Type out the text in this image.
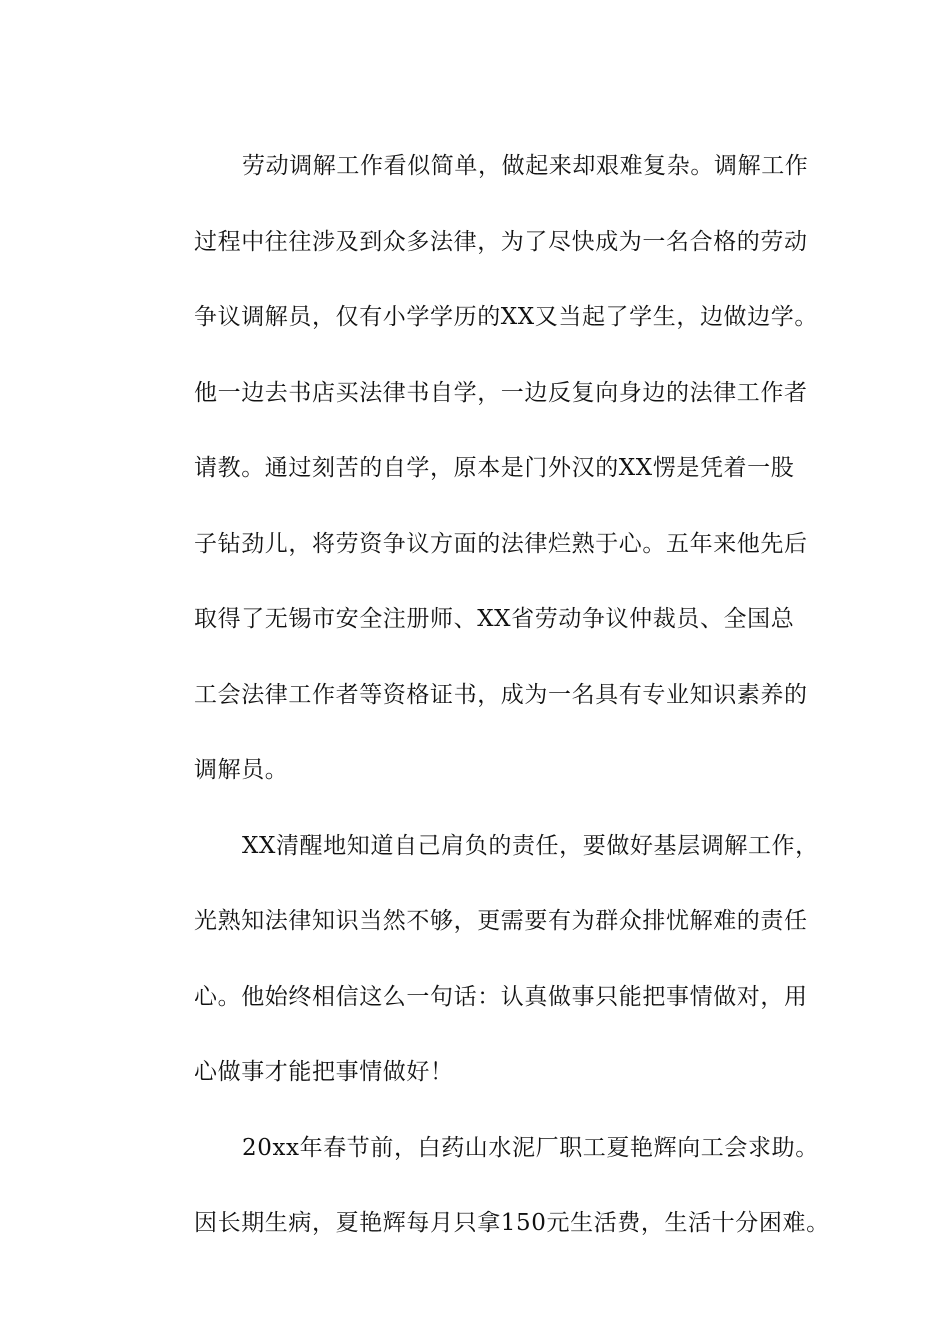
劳动调解工作看似简单，做起来却艰难复杂。调解工作
过程中往往涉及到众多法律，为了尽快成为一名合格的劳动
争议调解员，仅有小学学历的XX又当起了学生，边做边学。
他一边去书店买法律书自学，一边反复向身边的法律工作者
请教。通过刻苦的自学，原本是门外汉的XX愣是凭着一股
子钻劲儿，将劳资争议方面的法律烂熟于心。五年来他先后
取得了无锡市安全注册师、XX省劳动争议仲裁员、全国总
工会法律工作者等资格证书，成为一名具有专业知识素养的
调解员。
XX清醒地知道自己肩负的责任，要做好基层调解工作，
光熟知法律知识当然不够，更需要有为群众排忧解难的责任
心。他始终相信这么一句话：认真做事只能把事情做对，用
心做事才能把事情做好！
20xx年春节前，白药山水泥厂职工夏艳辉向工会求助。
因长期生病，夏艳辉每月只拿150元生活费，生活十分困难。
